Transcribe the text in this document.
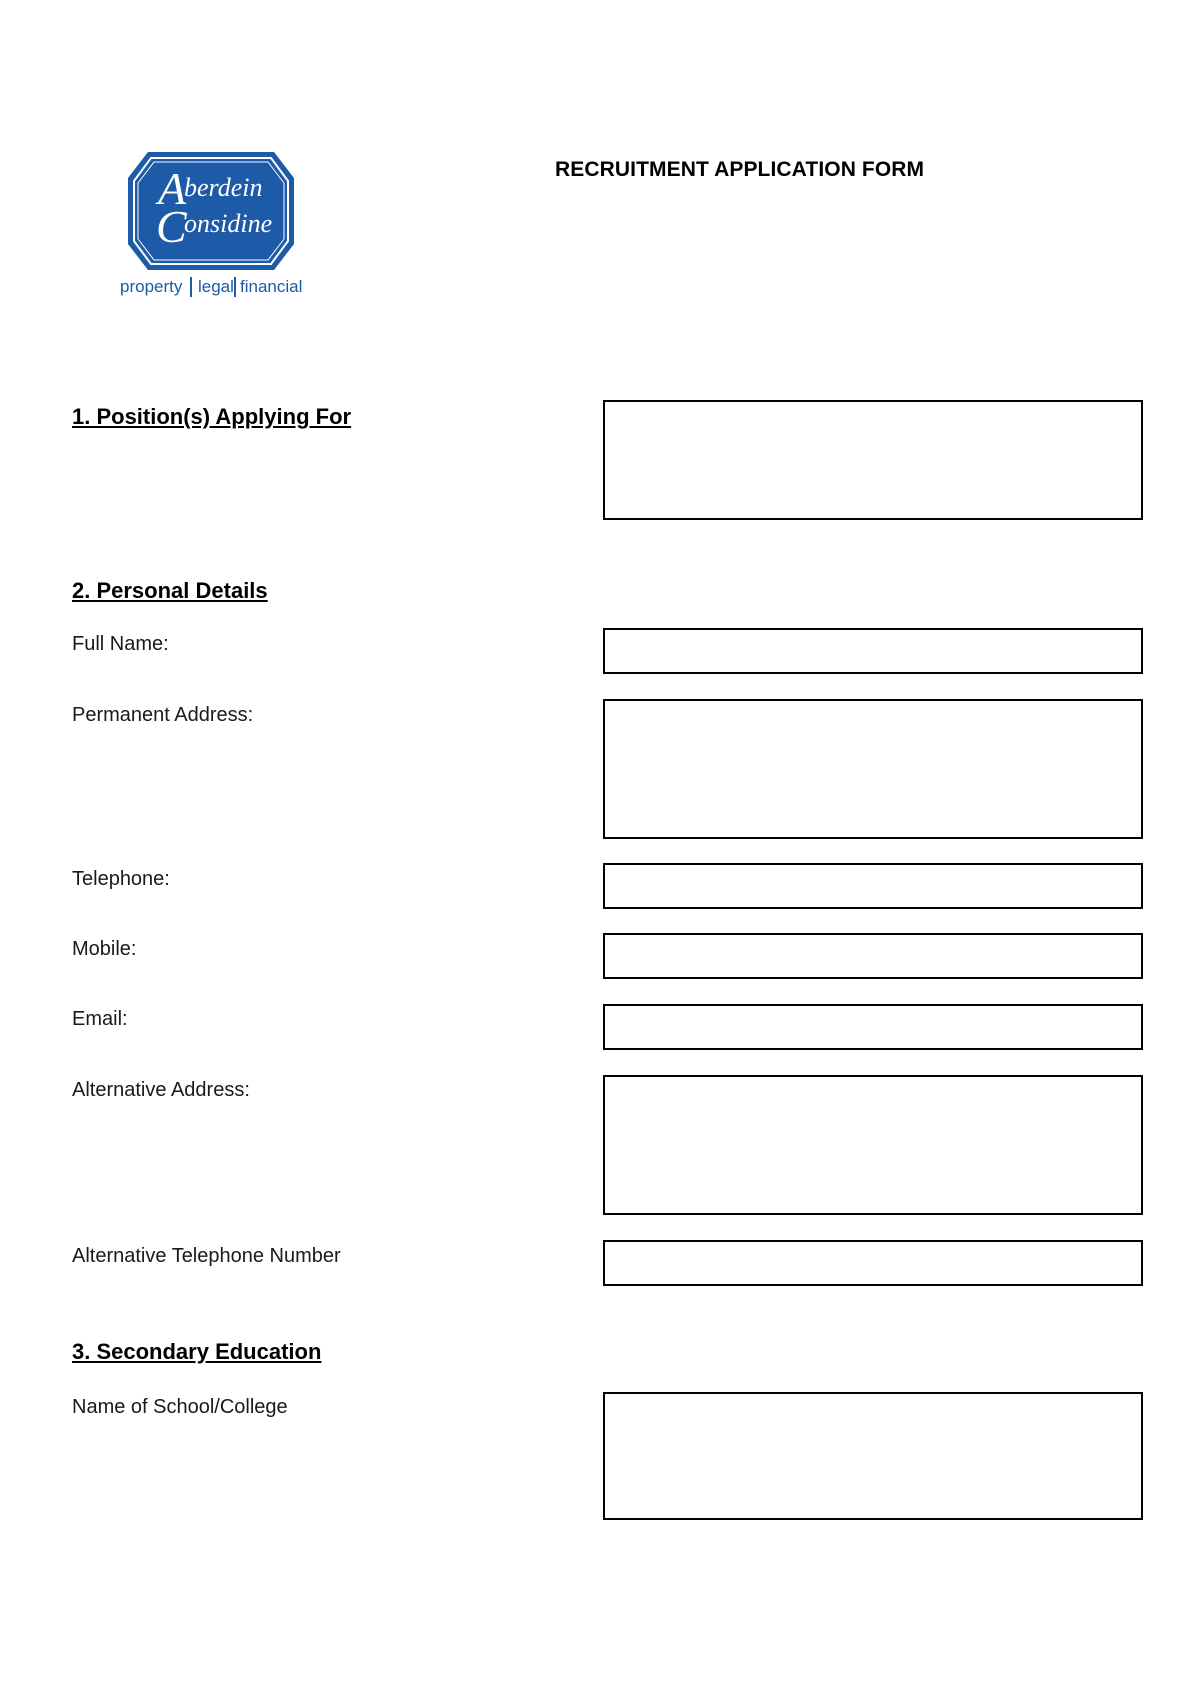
A
berdein
C
onsidine
property legal financial
RECRUITMENT APPLICATION FORM
1. Position(s) Applying For
2. Personal Details
Full Name:
Permanent Address:
Telephone:
Mobile:
Email:
Alternative Address:
Alternative Telephone Number
3. Secondary Education
Name of School/College
